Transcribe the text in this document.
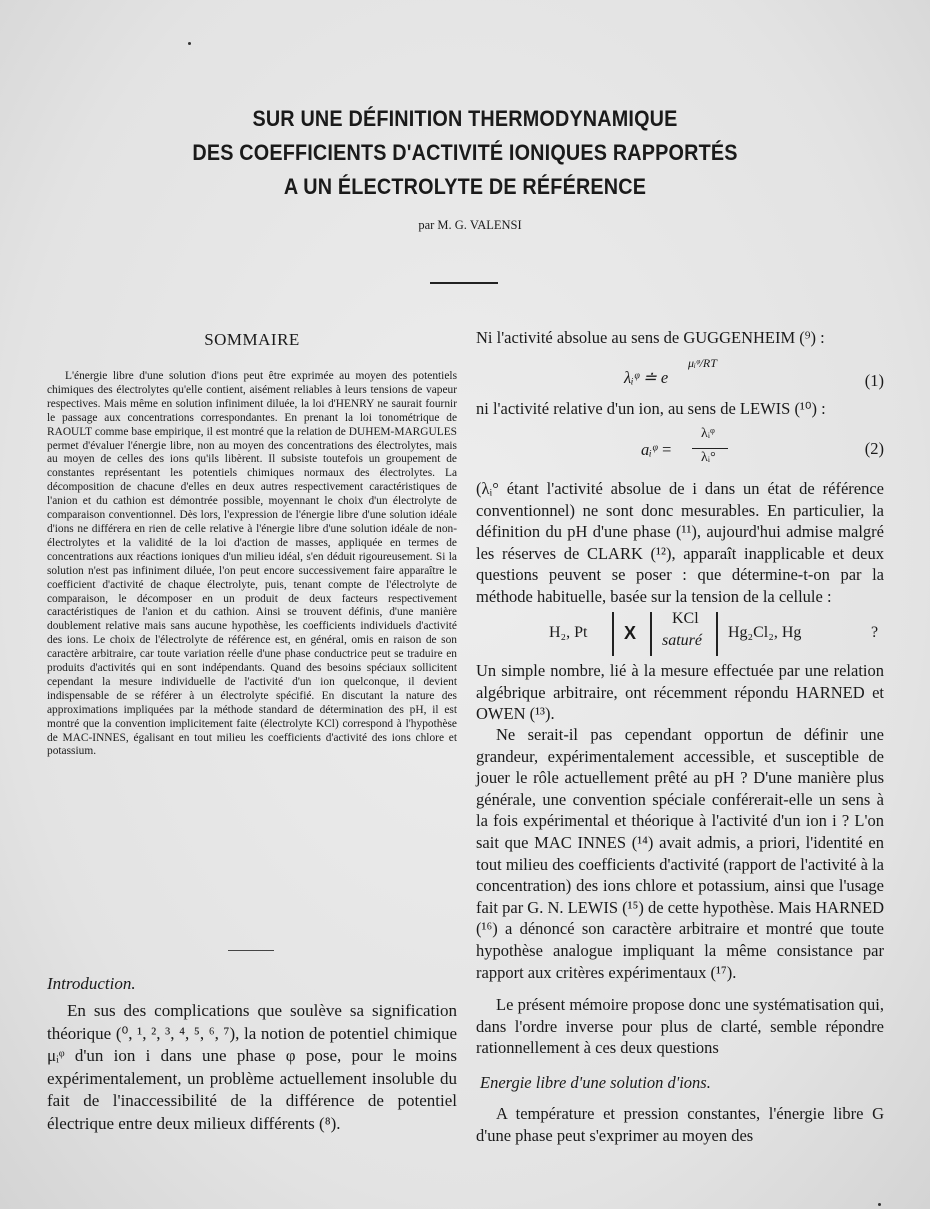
SUR UNE DÉFINITION THERMODYNAMIQUE
DES COEFFICIENTS D'ACTIVITÉ IONIQUES RAPPORTÉS
A UN ÉLECTROLYTE DE RÉFÉRENCE
par M. G. VALENSI
SOMMAIRE

L'énergie libre d'une solution d'ions peut être exprimée au moyen des potentiels chimiques des électrolytes qu'elle contient, aisément reliables à leurs tensions de vapeur respectives. Mais même en solution infiniment diluée, la loi d'HENRY ne saurait fournir le passage aux concentrations correspondantes. En prenant la loi tonométrique de RAOULT comme base empirique, il est montré que la relation de DUHEM-MARGULES permet d'évaluer l'énergie libre, non au moyen des concentrations des électrolytes, mais au moyen de celles des ions qu'ils libèrent. Il subsiste toutefois un groupement de constantes représentant les potentiels chimiques normaux des électrolytes. La décomposition de chacune d'elles en deux autres respectivement caractéristiques de l'anion et du cathion est démontrée possible, moyennant le choix d'un électrolyte de comparaison conventionnel. Dès lors, l'expression de l'énergie libre d'une solution idéale d'ions ne différera en rien de celle relative à l'énergie libre d'une solution idéale de non-électrolytes et la validité de la loi d'action de masses, appliquée en termes de concentrations aux réactions ioniques d'un milieu idéal, s'en déduit rigoureusement. Si la solution n'est pas infiniment diluée, l'on peut encore successivement faire apparaître le coefficient d'activité de chaque électrolyte, puis, tenant compte de l'électrolyte de comparaison, le décomposer en un produit de deux facteurs respectivement caractéristiques de l'anion et du cathion. Ainsi se trouvent définis, d'une manière doublement relative mais sans aucune hypothèse, les coefficients individuels d'activité des ions. Le choix de l'électrolyte de référence est, en général, omis en raison de son caractère arbitraire, car toute variation réelle d'une phase conductrice peut se traduire en produits d'activités qui en sont indépendants. Quand des besoins spéciaux sollicitent cependant la mesure individuelle de l'activité d'un ion quelconque, il devient indispensable de se référer à un électrolyte spécifié. En discutant la nature des approximations impliquées par la méthode standard de détermination des pH, il est montré que la convention implicitement faite (électrolyte KCl) correspond à l'hypothèse de MAC-INNES, égalisant en tout milieu les coefficients d'activité des ions chlore et potassium.

Introduction.

En sus des complications que soulève sa signification théorique (⁰, ¹, ², ³, ⁴, ⁵, ⁶, ⁷), la notion de potentiel chimique μᵢᵠ d'un ion i dans une phase φ pose, pour le moins expérimentalement, un problème actuellement insoluble du fait de l'inaccessibilité de la différence de potentiel électrique entre deux milieux différents (⁸).

Ni l'activité absolue au sens de GUGGENHEIM (⁹) :

λᵢᵠ ≐ e
μᵢᵠ/RT
(1)

ni l'activité relative d'un ion, au sens de LEWIS (¹⁰) :

aᵢᵠ =
λᵢᵠ
λᵢ°	(2)

(λᵢ° étant l'activité absolue de i dans un état de référence conventionnel) ne sont donc mesurables. En particulier, la définition du pH d'une phase (¹¹), aujourd'hui admise malgré les réserves de CLARK (¹²), apparaît inapplicable et deux questions peuvent se poser : que détermine-t-on par la méthode habituelle, basée sur la tension de la cellule :

H₂, Pt X
KCl
saturé Hg₂Cl₂, Hg	?

Un simple nombre, lié à la mesure effectuée par une relation algébrique arbitraire, ont récemment répondu HARNED et OWEN (¹³).

Ne serait-il pas cependant opportun de définir une grandeur, expérimentalement accessible, et susceptible de jouer le rôle actuellement prêté au pH ? D'une manière plus générale, une convention spéciale conférerait-elle un sens à la fois expérimental et théorique à l'activité d'un ion i ? L'on sait que MAC INNES (¹⁴) avait admis, a priori, l'identité en tout milieu des coefficients d'activité (rapport de l'activité à la concentration) des ions chlore et potassium, ainsi que l'usage fait par G. N. LEWIS (¹⁵) de cette hypothèse. Mais HARNED (¹⁶) a dénoncé son caractère arbitraire et montré que toute hypothèse analogue impliquant la même consistance par rapport aux critères expérimentaux (¹⁷).

Le présent mémoire propose donc une systématisation qui, dans l'ordre inverse pour plus de clarté, semble répondre rationnellement à ces deux questions

Energie libre d'une solution d'ions.

A température et pression constantes, l'énergie libre G d'une phase peut s'exprimer au moyen des
